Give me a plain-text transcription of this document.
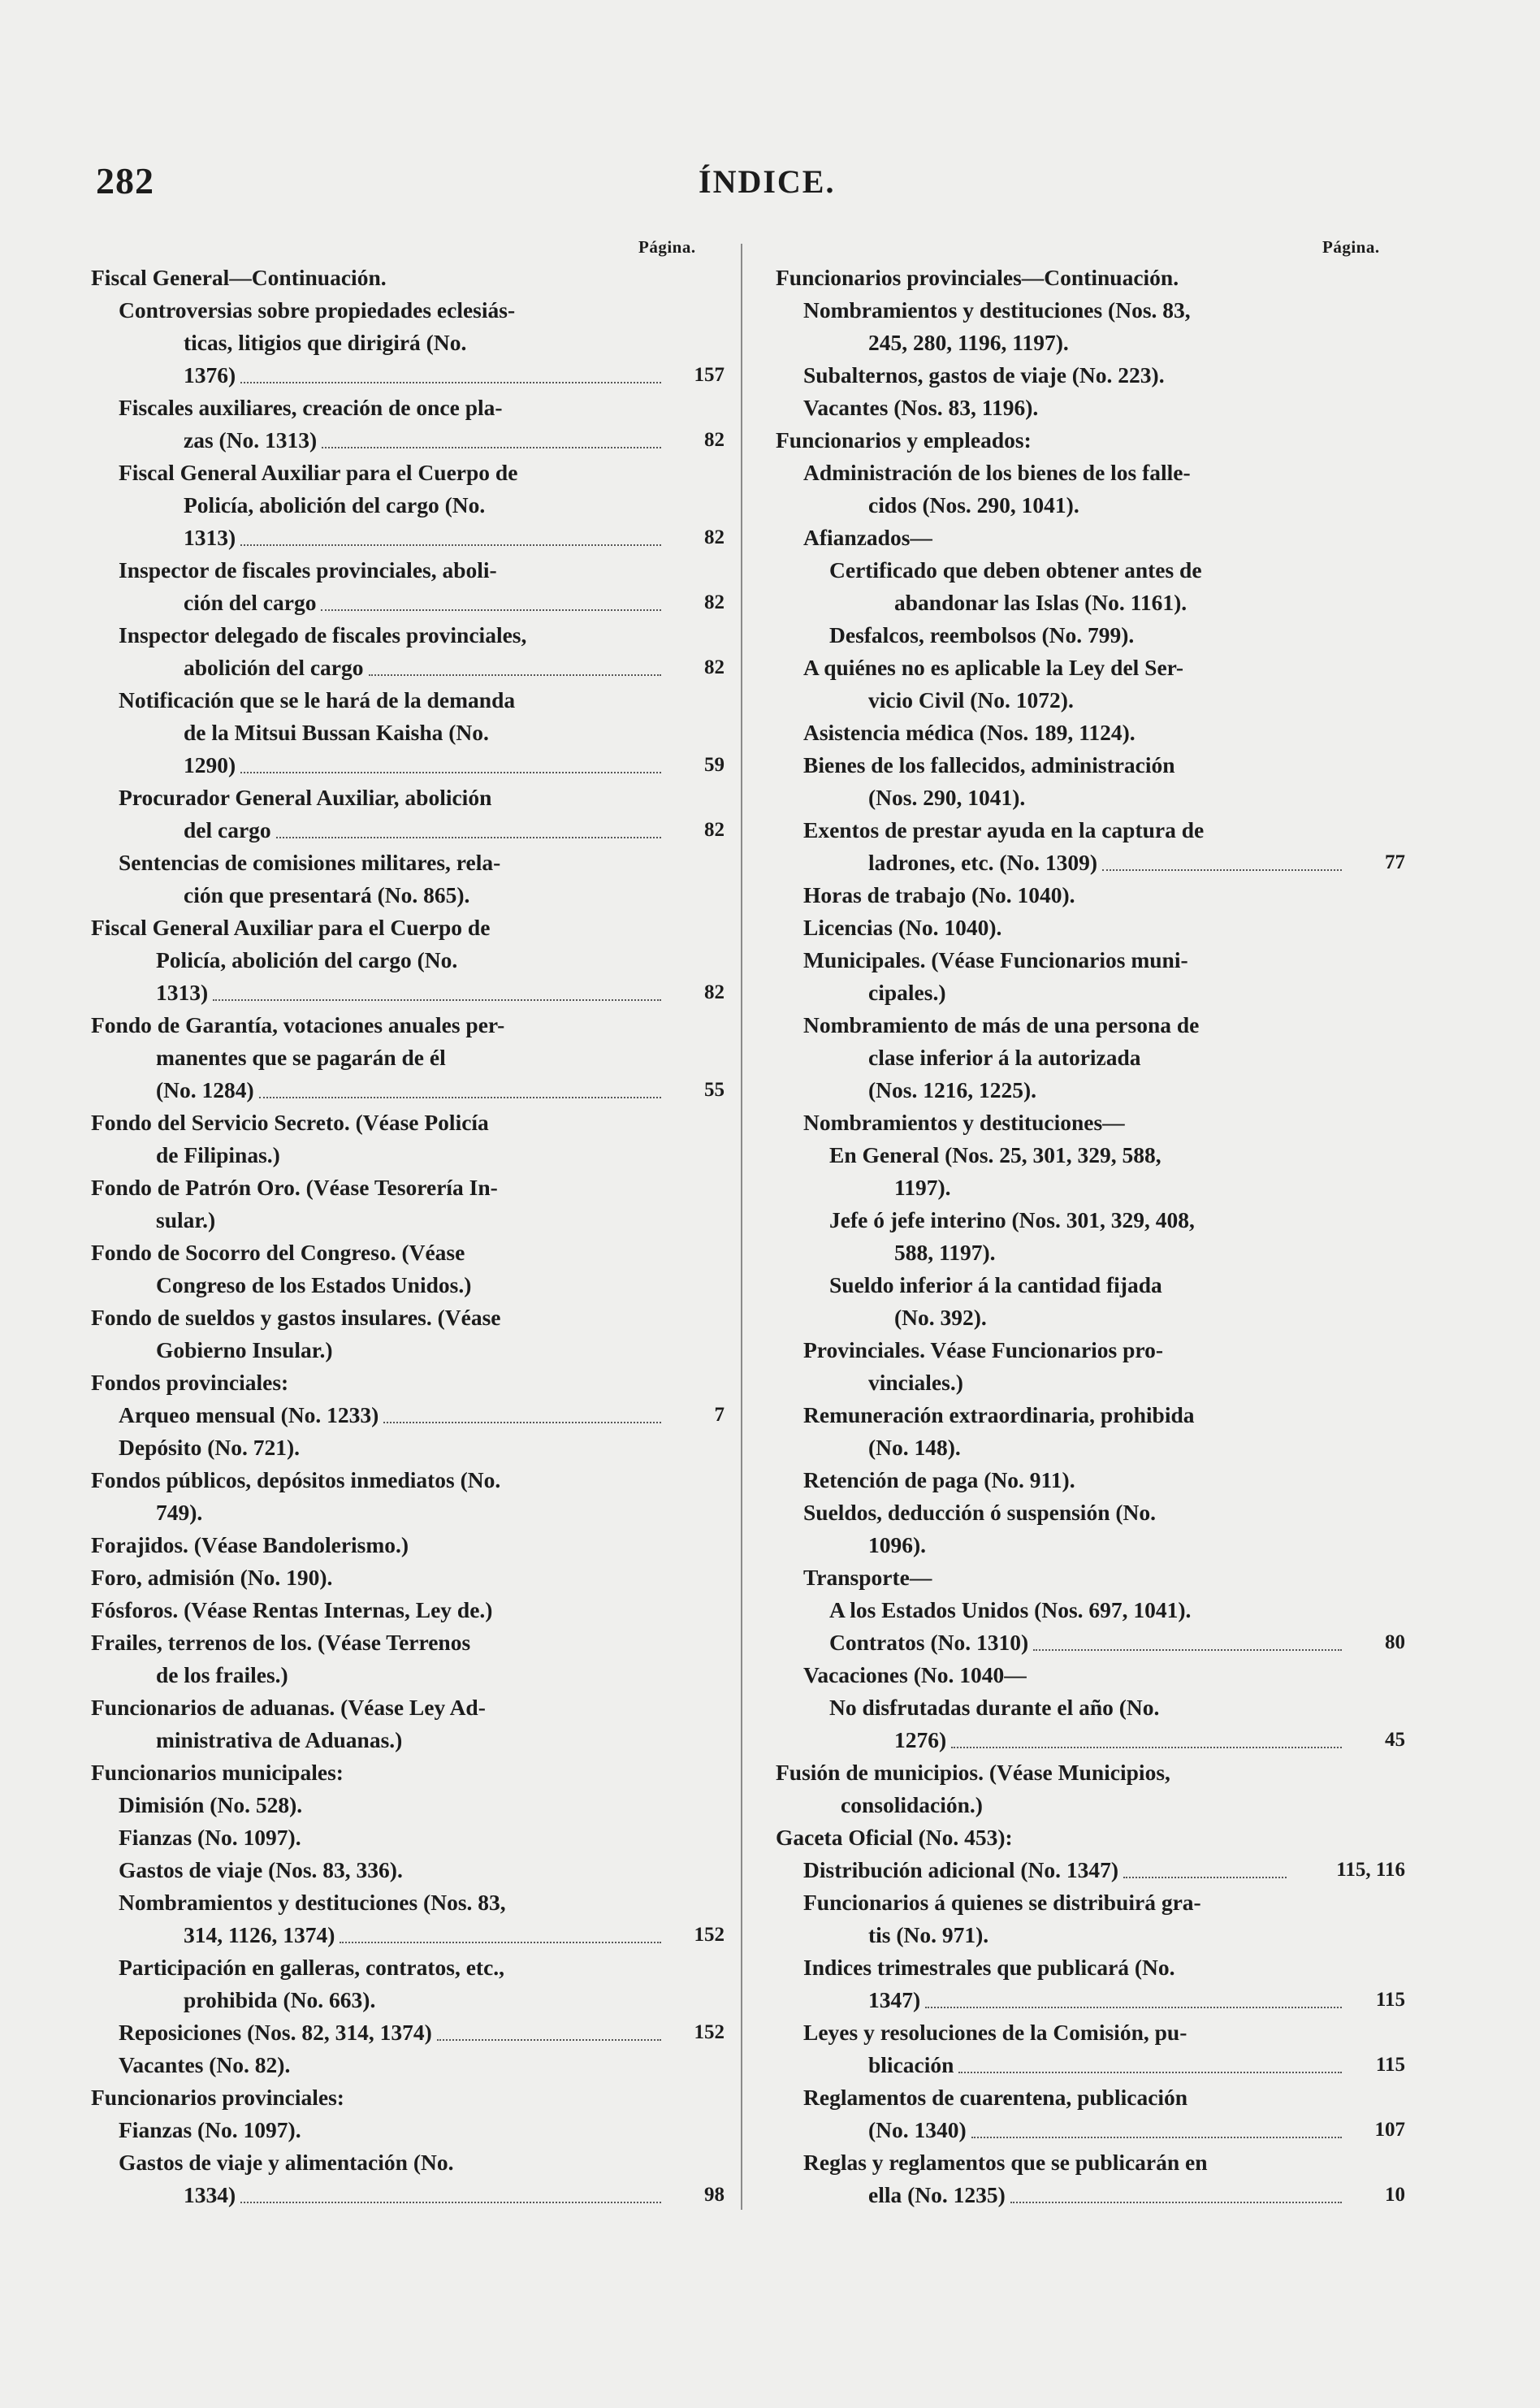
282	ÍNDICE.
Página.	Página.
Fiscal General—Continuación.
Controversias sobre propiedades eclesiás-
ticas, litigios que dirigirá (No.
1376)	157
Fiscales auxiliares, creación de once pla-
zas (No. 1313)	82
Fiscal General Auxiliar para el Cuerpo de
Policía, abolición del cargo (No.
1313)	82
Inspector de fiscales provinciales, aboli-
ción del cargo	82
Inspector delegado de fiscales provinciales,
abolición del cargo	82
Notificación que se le hará de la demanda
de la Mitsui Bussan Kaisha (No.
1290)	59
Procurador General Auxiliar, abolición
del cargo	82
Sentencias de comisiones militares, rela-
ción que presentará (No. 865).
Fiscal General Auxiliar para el Cuerpo de
Policía, abolición del cargo (No.
1313)	82
Fondo de Garantía, votaciones anuales per-
manentes que se pagarán de él
(No. 1284)	55
Fondo del Servicio Secreto. (Véase Policía
de Filipinas.)
Fondo de Patrón Oro. (Véase Tesorería In-
sular.)
Fondo de Socorro del Congreso. (Véase
Congreso de los Estados Unidos.)
Fondo de sueldos y gastos insulares. (Véase
Gobierno Insular.)
Fondos provinciales:
Arqueo mensual (No. 1233)	7
Depósito (No. 721).
Fondos públicos, depósitos inmediatos (No.
749).
Forajidos. (Véase Bandolerismo.)
Foro, admisión (No. 190).
Fósforos. (Véase Rentas Internas, Ley de.)
Frailes, terrenos de los. (Véase Terrenos
de los frailes.)
Funcionarios de aduanas. (Véase Ley Ad-
ministrativa de Aduanas.)
Funcionarios municipales:
Dimisión (No. 528).
Fianzas (No. 1097).
Gastos de viaje (Nos. 83, 336).
Nombramientos y destituciones (Nos. 83,
314, 1126, 1374)	152
Participación en galleras, contratos, etc.,
prohibida (No. 663).
Reposiciones (Nos. 82, 314, 1374)	152
Vacantes (No. 82).
Funcionarios provinciales:
Fianzas (No. 1097).
Gastos de viaje y alimentación (No.
1334)	98
Funcionarios provinciales—Continuación.
Nombramientos y destituciones (Nos. 83,
245, 280, 1196, 1197).
Subalternos, gastos de viaje (No. 223).
Vacantes (Nos. 83, 1196).
Funcionarios y empleados:
Administración de los bienes de los falle-
cidos (Nos. 290, 1041).
Afianzados—
Certificado que deben obtener antes de
abandonar las Islas (No. 1161).
Desfalcos, reembolsos (No. 799).
A quiénes no es aplicable la Ley del Ser-
vicio Civil (No. 1072).
Asistencia médica (Nos. 189, 1124).
Bienes de los fallecidos, administración
(Nos. 290, 1041).
Exentos de prestar ayuda en la captura de
ladrones, etc. (No. 1309)	77
Horas de trabajo (No. 1040).
Licencias (No. 1040).
Municipales. (Véase Funcionarios muni-
cipales.)
Nombramiento de más de una persona de
clase inferior á la autorizada
(Nos. 1216, 1225).
Nombramientos y destituciones—
En General (Nos. 25, 301, 329, 588,
1197).
Jefe ó jefe interino (Nos. 301, 329, 408,
588, 1197).
Sueldo inferior á la cantidad fijada
(No. 392).
Provinciales. Véase Funcionarios pro-
vinciales.)
Remuneración extraordinaria, prohibida
(No. 148).
Retención de paga (No. 911).
Sueldos, deducción ó suspensión (No.
1096).
Transporte—
A los Estados Unidos (Nos. 697, 1041).
Contratos (No. 1310)	80
Vacaciones (No. 1040—
No disfrutadas durante el año (No.
1276)	45
Fusión de municipios. (Véase Municipios,
consolidación.)
Gaceta Oficial (No. 453):
Distribución adicional (No. 1347)	115, 116
Funcionarios á quienes se distribuirá gra-
tis (No. 971).
Indices trimestrales que publicará (No.
1347)	115
Leyes y resoluciones de la Comisión, pu-
blicación	115
Reglamentos de cuarentena, publicación
(No. 1340)	107
Reglas y reglamentos que se publicarán en
ella (No. 1235)	10
